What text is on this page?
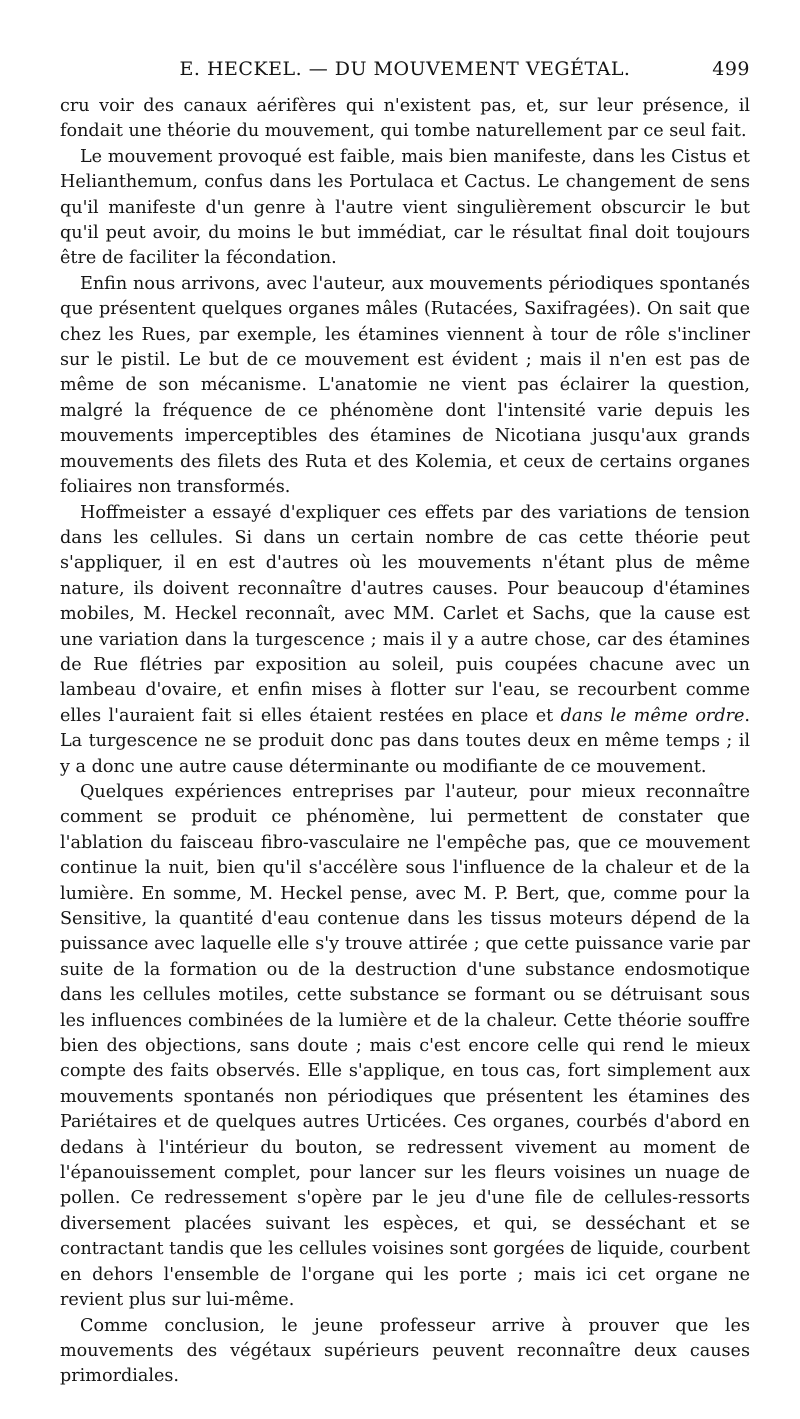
E. HECKEL. — DU MOUVEMENT VEGÉTAL.	499

cru voir des canaux aérifères qui n'existent pas, et, sur leur présence, il fondait une théorie du mouvement, qui tombe naturellement par ce seul fait.

Le mouvement provoqué est faible, mais bien manifeste, dans les Cistus et Helianthemum, confus dans les Portulaca et Cactus. Le changement de sens qu'il manifeste d'un genre à l'autre vient singulièrement obscurcir le but qu'il peut avoir, du moins le but immédiat, car le résultat final doit toujours être de faciliter la fécondation.

Enfin nous arrivons, avec l'auteur, aux mouvements périodiques spontanés que présentent quelques organes mâles (Rutacées, Saxifragées). On sait que chez les Rues, par exemple, les étamines viennent à tour de rôle s'incliner sur le pistil. Le but de ce mouvement est évident ; mais il n'en est pas de même de son mécanisme. L'anatomie ne vient pas éclairer la question, malgré la fréquence de ce phénomène dont l'intensité varie depuis les mouvements imperceptibles des étamines de Nicotiana jusqu'aux grands mouvements des filets des Ruta et des Kolemia, et ceux de certains organes foliaires non transformés.

Hoffmeister a essayé d'expliquer ces effets par des variations de tension dans les cellules. Si dans un certain nombre de cas cette théorie peut s'appliquer, il en est d'autres où les mouvements n'étant plus de même nature, ils doivent reconnaître d'autres causes. Pour beaucoup d'étamines mobiles, M. Heckel reconnaît, avec MM. Carlet et Sachs, que la cause est une variation dans la turgescence ; mais il y a autre chose, car des étamines de Rue flétries par exposition au soleil, puis coupées chacune avec un lambeau d'ovaire, et enfin mises à flotter sur l'eau, se recourbent comme elles l'auraient fait si elles étaient restées en place et dans le même ordre. La turgescence ne se produit donc pas dans toutes deux en même temps ; il y a donc une autre cause déterminante ou modifiante de ce mouvement.

Quelques expériences entreprises par l'auteur, pour mieux reconnaître comment se produit ce phénomène, lui permettent de constater que l'ablation du faisceau fibro-vasculaire ne l'empêche pas, que ce mouvement continue la nuit, bien qu'il s'accélère sous l'influence de la chaleur et de la lumière. En somme, M. Heckel pense, avec M. P. Bert, que, comme pour la Sensitive, la quantité d'eau contenue dans les tissus moteurs dépend de la puissance avec laquelle elle s'y trouve attirée ; que cette puissance varie par suite de la formation ou de la destruction d'une substance endosmotique dans les cellules motiles, cette substance se formant ou se détruisant sous les influences combinées de la lumière et de la chaleur. Cette théorie souffre bien des objections, sans doute ; mais c'est encore celle qui rend le mieux compte des faits observés. Elle s'applique, en tous cas, fort simplement aux mouvements spontanés non périodiques que présentent les étamines des Pariétaires et de quelques autres Urticées. Ces organes, courbés d'abord en dedans à l'intérieur du bouton, se redressent vivement au moment de l'épanouissement complet, pour lancer sur les fleurs voisines un nuage de pollen. Ce redressement s'opère par le jeu d'une file de cellules-ressorts diversement placées suivant les espèces, et qui, se desséchant et se contractant tandis que les cellules voisines sont gorgées de liquide, courbent en dehors l'ensemble de l'organe qui les porte ; mais ici cet organe ne revient plus sur lui-même.

Comme conclusion, le jeune professeur arrive à prouver que les mouvements des végétaux supérieurs peuvent reconnaître deux causes primordiales.
